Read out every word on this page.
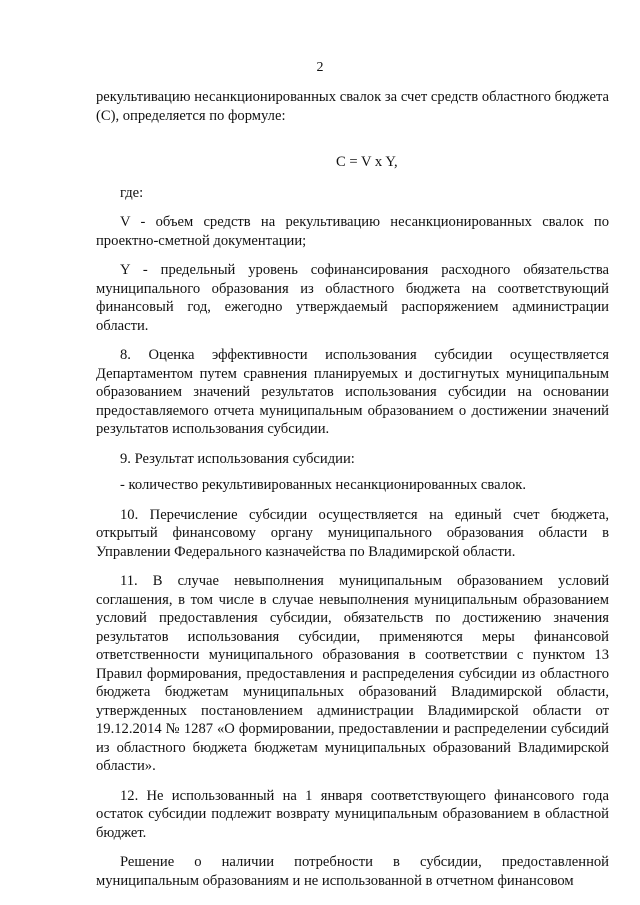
2

рекультивацию несанкционированных свалок за счет средств областного бюджета (С), определяется по формуле:

C = V x Y,

где:

V - объем средств на рекультивацию несанкционированных свалок по проектно-сметной документации;

Y - предельный уровень софинансирования расходного обязательства муниципального образования из областного бюджета на соответствующий финансовый год, ежегодно утверждаемый распоряжением администрации области.

8. Оценка эффективности использования субсидии осуществляется Департаментом путем сравнения планируемых и достигнутых муниципальным образованием значений результатов использования субсидии на основании предоставляемого отчета муниципальным образованием о достижении значений результатов использования субсидии.

9. Результат использования субсидии:

- количество рекультивированных несанкционированных свалок.

10. Перечисление субсидии осуществляется на единый счет бюджета, открытый финансовому органу муниципального образования области в Управлении Федерального казначейства по Владимирской области.

11. В случае невыполнения муниципальным образованием условий соглашения, в том числе в случае невыполнения муниципальным образованием условий предоставления субсидии, обязательств по достижению значения результатов использования субсидии, применяются меры финансовой ответственности муниципального образования в соответствии с пунктом 13 Правил формирования, предоставления и распределения субсидии из областного бюджета бюджетам муниципальных образований Владимирской области, утвержденных постановлением администрации Владимирской области от 19.12.2014 № 1287 «О формировании, предоставлении и распределении субсидий из областного бюджета бюджетам муниципальных образований Владимирской области».

12. Не использованный на 1 января соответствующего финансового года остаток субсидии подлежит возврату муниципальным образованием в областной бюджет.

Решение о наличии потребности в субсидии, предоставленной муниципальным образованиям и не использованной в отчетном финансовом
